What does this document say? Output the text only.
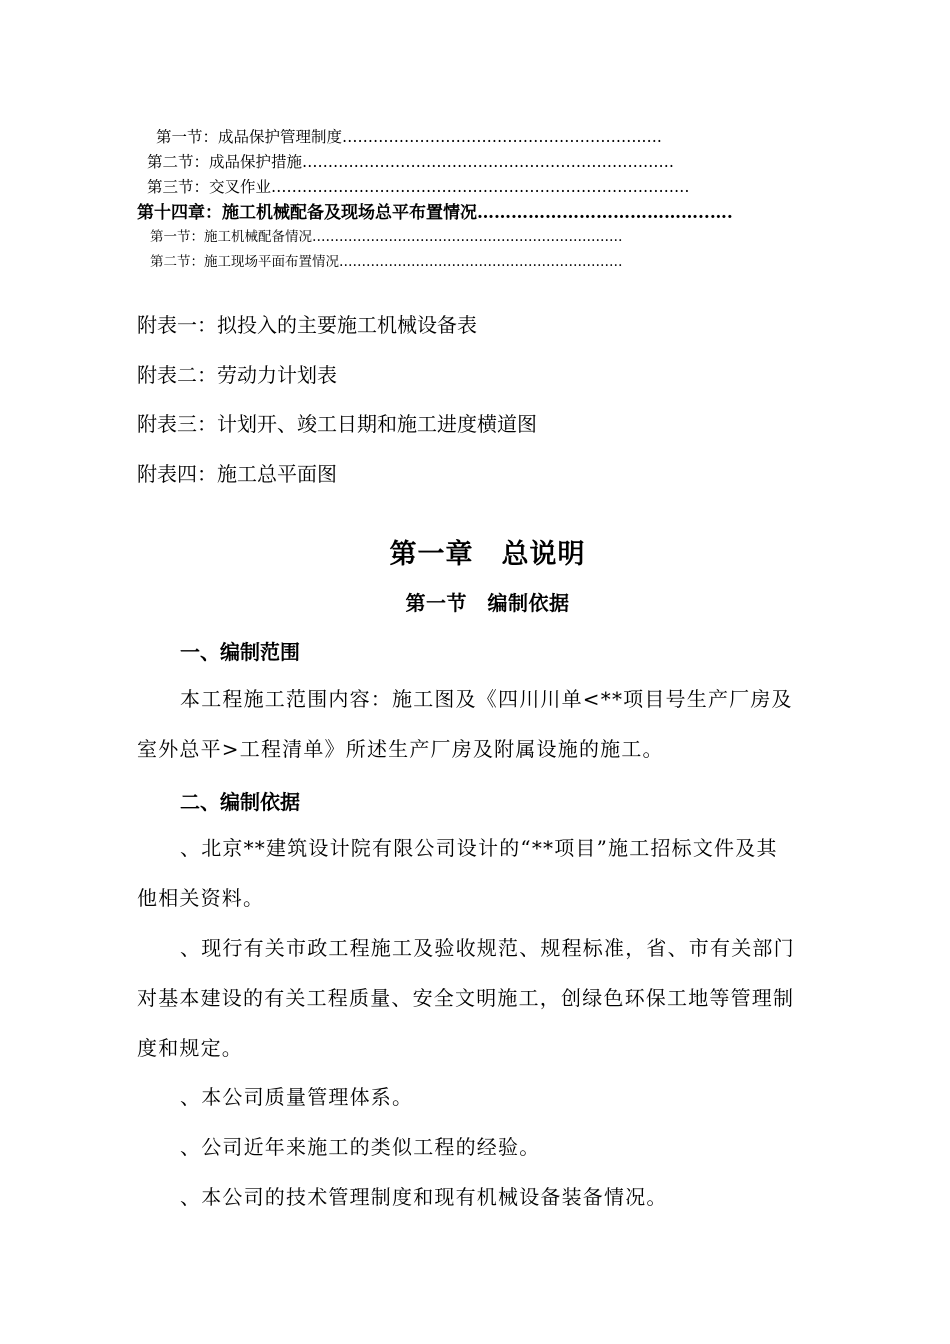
第一节：成品保护管理制度………………………………………………….….
第二节：成品保护措施………………………………………………………………
第三节：交叉作业………………………………………………………………………
第十四章：施工机械配备及现场总平布置情况…………………………………..….
第一节：施工机械配备情况……………………………………………………………
第二节：施工现场平面布置情况………………………………………………………
附表一：拟投入的主要施工机械设备表
附表二：劳动力计划表
附表三：计划开、竣工日期和施工进度横道图
附表四：施工总平面图
第一章　总说明
第一节　编制依据
一、编制范围
本工程施工范围内容：施工图及《四川川单<**项目号生产厂房及
室外总平>工程清单》所述生产厂房及附属设施的施工。
二、编制依据
、北京**建筑设计院有限公司设计的“**项目”施工招标文件及其
他相关资料。
、现行有关市政工程施工及验收规范、规程标准，省、市有关部门
对基本建设的有关工程质量、安全文明施工，创绿色环保工地等管理制
度和规定。
、本公司质量管理体系。
、公司近年来施工的类似工程的经验。
、本公司的技术管理制度和现有机械设备装备情况。
